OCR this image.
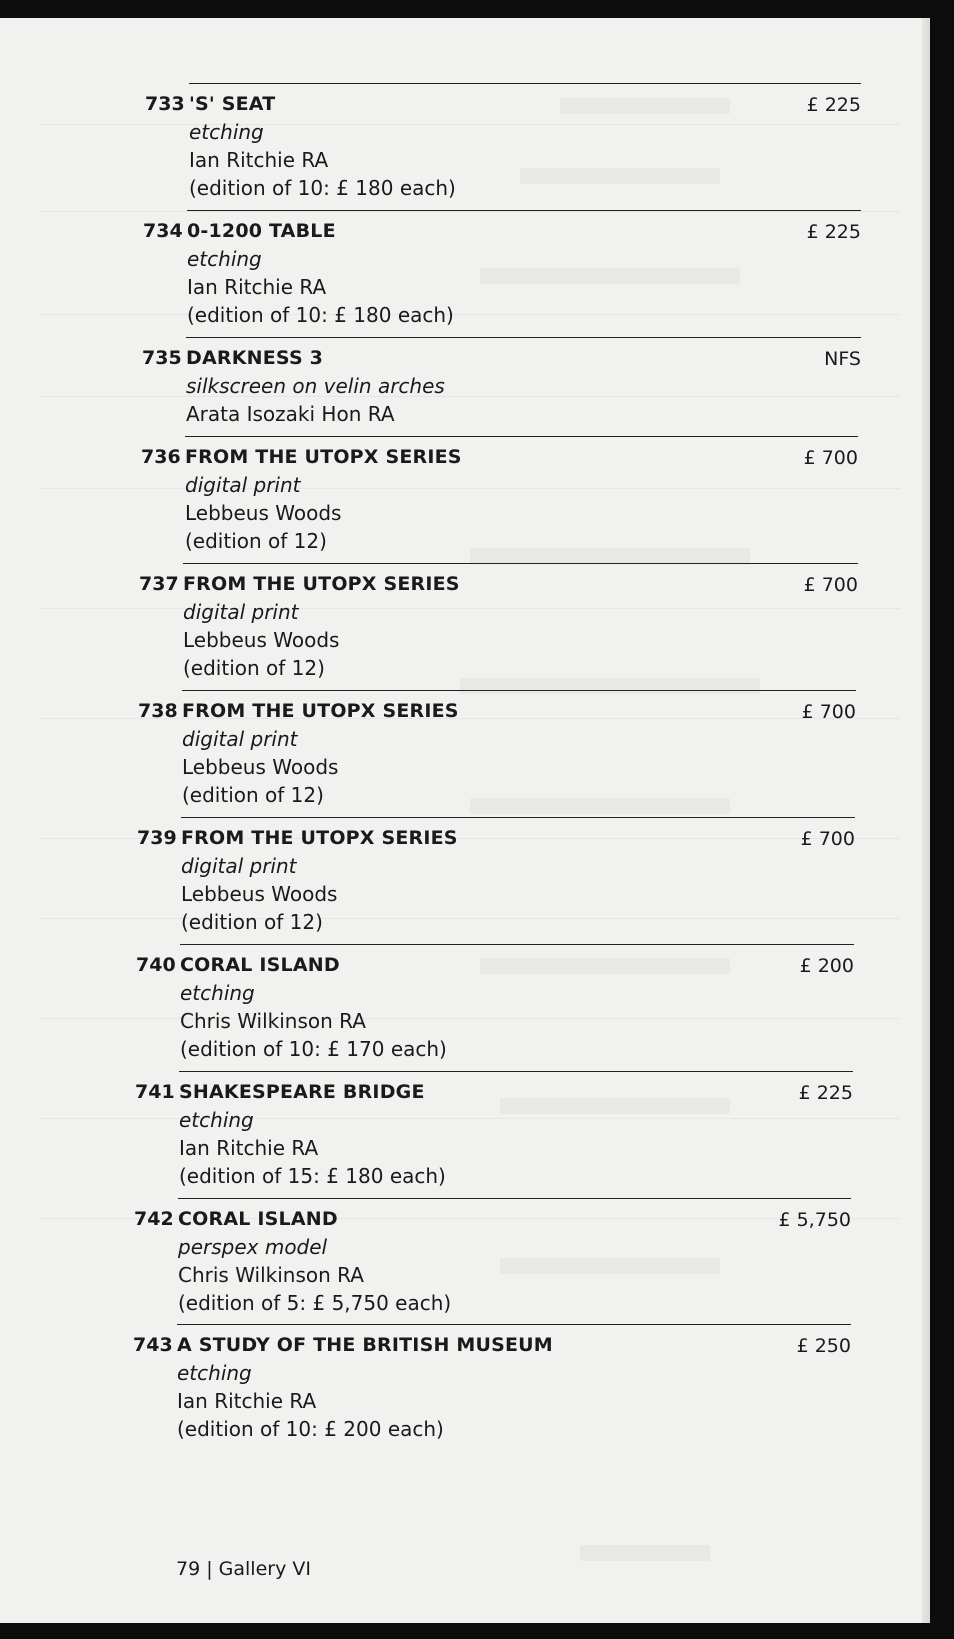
733 'S' SEAT
etching
Ian Ritchie RA
(edition of 10: £ 180 each)
£ 225
734 0-1200 TABLE
etching
Ian Ritchie RA
(edition of 10: £ 180 each)
£ 225
735 DARKNESS 3
silkscreen on velin arches
Arata Isozaki Hon RA
NFS
736 FROM THE UTOPX SERIES
digital print
Lebbeus Woods
(edition of 12)
£ 700
737 FROM THE UTOPX SERIES
digital print
Lebbeus Woods
(edition of 12)
£ 700
738 FROM THE UTOPX SERIES
digital print
Lebbeus Woods
(edition of 12)
£ 700
739 FROM THE UTOPX SERIES
digital print
Lebbeus Woods
(edition of 12)
£ 700
740 CORAL ISLAND
etching
Chris Wilkinson RA
(edition of 10: £ 170 each)
£ 200
741 SHAKESPEARE BRIDGE
etching
Ian Ritchie RA
(edition of 15: £ 180 each)
£ 225
742 CORAL ISLAND
perspex model
Chris Wilkinson RA
(edition of 5: £ 5,750 each)
£ 5,750
743 A STUDY OF THE BRITISH MUSEUM
etching
Ian Ritchie RA
(edition of 10: £ 200 each)
£ 250
79 | Gallery VI
